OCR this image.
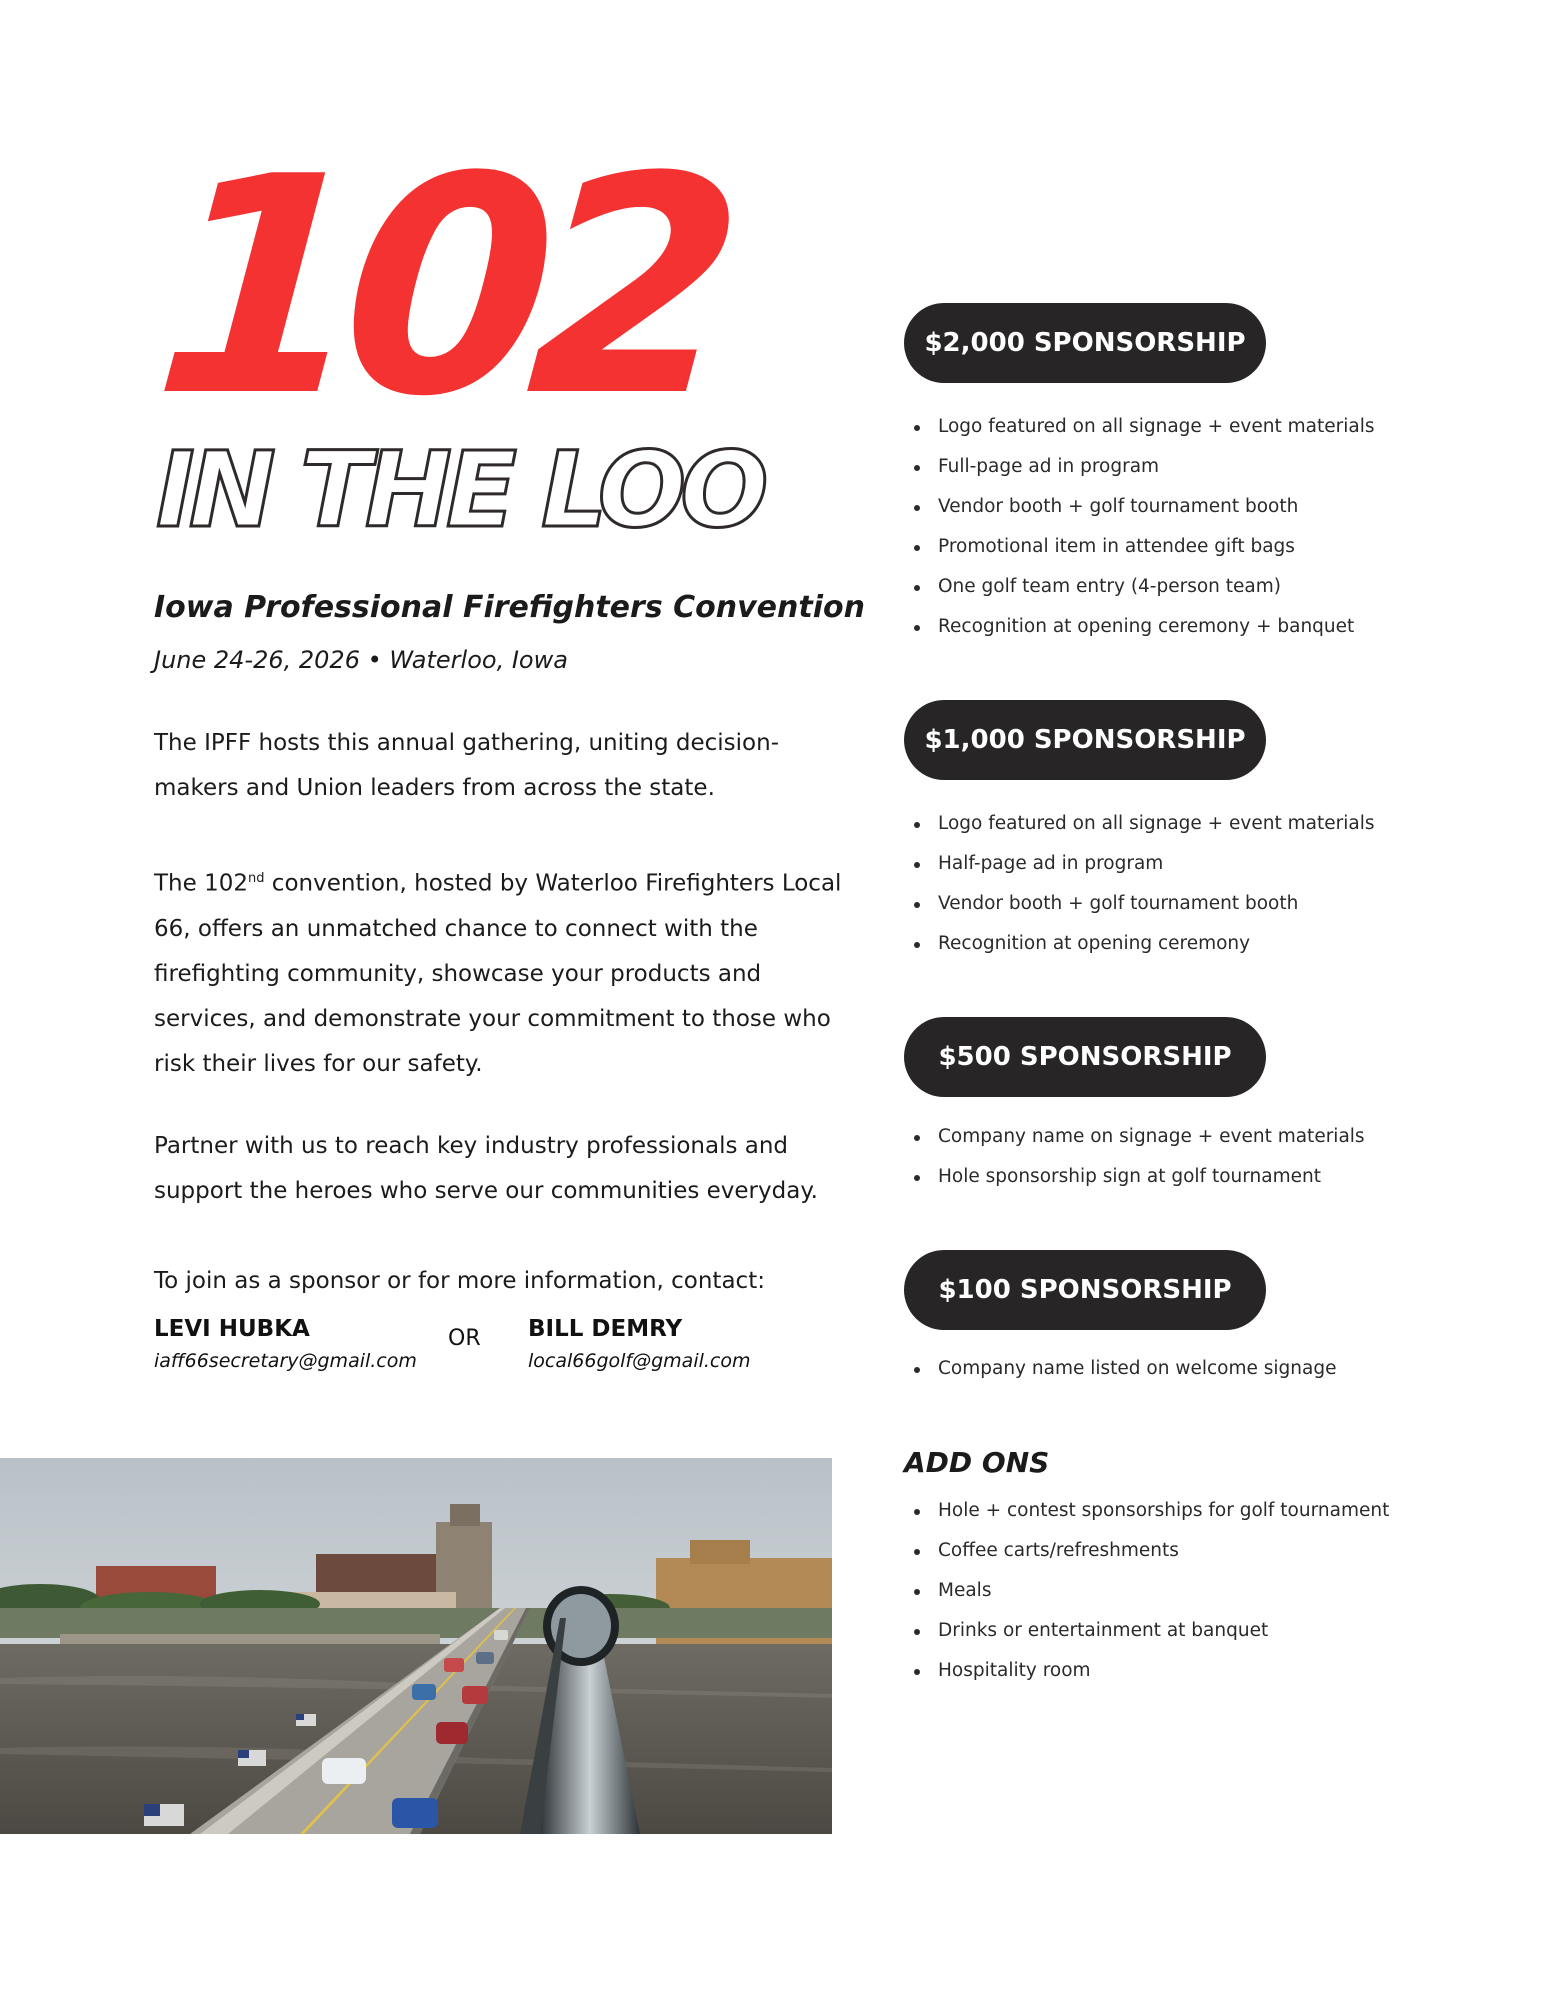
102
IN THE LOO
Iowa Professional Firefighters Convention
June 24-26, 2026 • Waterloo, Iowa

The IPFF hosts this annual gathering, uniting decision-makers and Union leaders from across the state.

The 102nd convention, hosted by Waterloo Firefighters Local 66, offers an unmatched chance to connect with the firefighting community, showcase your products and services, and demonstrate your commitment to those who risk their lives for our safety.

Partner with us to reach key industry professionals and support the heroes who serve our communities everyday.

To join as a sponsor or for more information, contact:

LEVI HUBKA
iaff66secretary@gmail.com
OR BILL DEMRY
local66golf@gmail.com
$2,000 SPONSORSHIP
Logo featured on all signage + event materials
Full-page ad in program
Vendor booth + golf tournament booth
Promotional item in attendee gift bags
One golf team entry (4-person team)
Recognition at opening ceremony + banquet
$1,000 SPONSORSHIP
Logo featured on all signage + event materials
Half-page ad in program
Vendor booth + golf tournament booth
Recognition at opening ceremony
$500 SPONSORSHIP
Company name on signage + event materials
Hole sponsorship sign at golf tournament
$100 SPONSORSHIP
Company name listed on welcome signage
ADD ONS
Hole + contest sponsorships for golf tournament
Coffee carts/refreshments
Meals
Drinks or entertainment at banquet
Hospitality room
